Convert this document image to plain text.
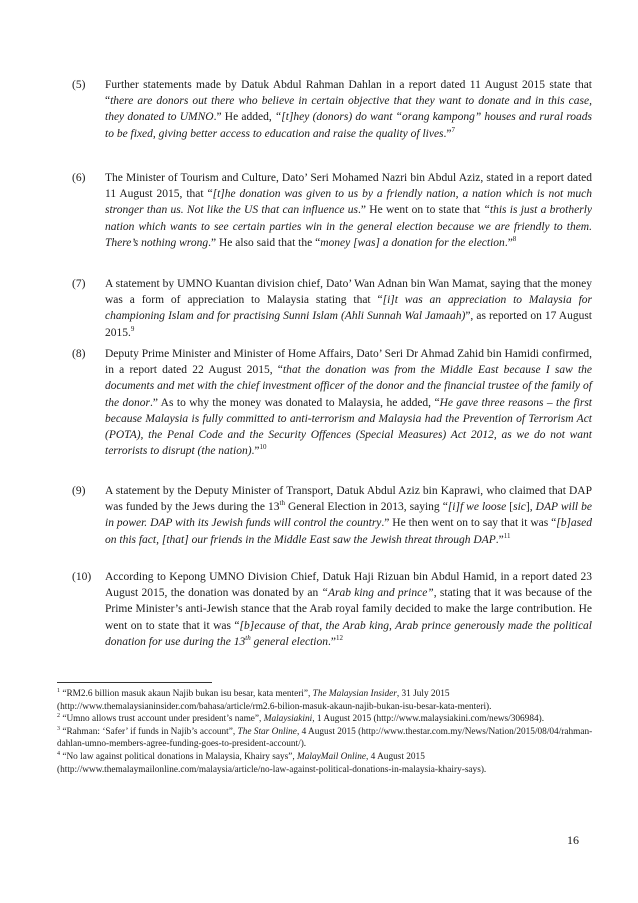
(5)	Further statements made by Datuk Abdul Rahman Dahlan in a report dated 11 August 2015 state that “there are donors out there who believe in certain objective that they want to donate and in this case, they donated to UMNO.” He added, “[t]hey (donors) do want “orang kampong” houses and rural roads to be fixed, giving better access to education and raise the quality of lives.”$^7$
(6)	The Minister of Tourism and Culture, Dato’ Seri Mohamed Nazri bin Abdul Aziz, stated in a report dated 11 August 2015, that “[t]he donation was given to us by a friendly nation, a nation which is not much stronger than us. Not like the US that can influence us.” He went on to state that “this is just a brotherly nation which wants to see certain parties win in the general election because we are friendly to them. There’s nothing wrong.” He also said that the “money [was] a donation for the election.”$^8$
(7)	A statement by UMNO Kuantan division chief, Dato’ Wan Adnan bin Wan Mamat, saying that the money was a form of appreciation to Malaysia stating that “[i]t was an appreciation to Malaysia for championing Islam and for practising Sunni Islam (Ahli Sunnah Wal Jamaah)”, as reported on 17 August 2015.$^9$
(8)	Deputy Prime Minister and Minister of Home Affairs, Dato’ Seri Dr Ahmad Zahid bin Hamidi confirmed, in a report dated 22 August 2015, “that the donation was from the Middle East because I saw the documents and met with the chief investment officer of the donor and the financial trustee of the family of the donor.” As to why the money was donated to Malaysia, he added, “He gave three reasons – the first because Malaysia is fully committed to anti-terrorism and Malaysia had the Prevention of Terrorism Act (POTA), the Penal Code and the Security Offences (Special Measures) Act 2012, as we do not want terrorists to disrupt (the nation).”$^{10}$
(9)	A statement by the Deputy Minister of Transport, Datuk Abdul Aziz bin Kaprawi, who claimed that DAP was funded by the Jews during the 13th General Election in 2013, saying “[i]f we loose [sic], DAP will be in power. DAP with its Jewish funds will control the country.” He then went on to say that it was “[b]ased on this fact, [that] our friends in the Middle East saw the Jewish threat through DAP.”$^{11}$
(10)	According to Kepong UMNO Division Chief, Datuk Haji Rizuan bin Abdul Hamid, in a report dated 23 August 2015, the donation was donated by an “Arab king and prince”, stating that it was because of the Prime Minister’s anti-Jewish stance that the Arab royal family decided to make the large contribution. He went on to state that it was “[b]ecause of that, the Arab king, Arab prince generously made the political donation for use during the 13th general election.”$^{12}$

$^1$ “RM2.6 billion masuk akaun Najib bukan isu besar, kata menteri”, The Malaysian Insider, 31 July 2015 (http://www.themalaysianinsider.com/bahasa/article/rm2.6-bilion-masuk-akaun-najib-bukan-isu-besar-kata-menteri).

$^2$ “Umno allows trust account under president’s name”, Malaysiakini, 1 August 2015 (http://www.malaysiakini.com/news/306984).

$^3$ “Rahman: ‘Safer’ if funds in Najib’s account”, The Star Online, 4 August 2015 (http://www.thestar.com.my/News/Nation/2015/08/04/rahman-dahlan-umno-members-agree-funding-goes-to-president-account/).

$^4$ “No law against political donations in Malaysia, Khairy says”, MalayMail Online, 4 August 2015 (http://www.themalaymailonline.com/malaysia/article/no-law-against-political-donations-in-malaysia-khairy-says).

16
